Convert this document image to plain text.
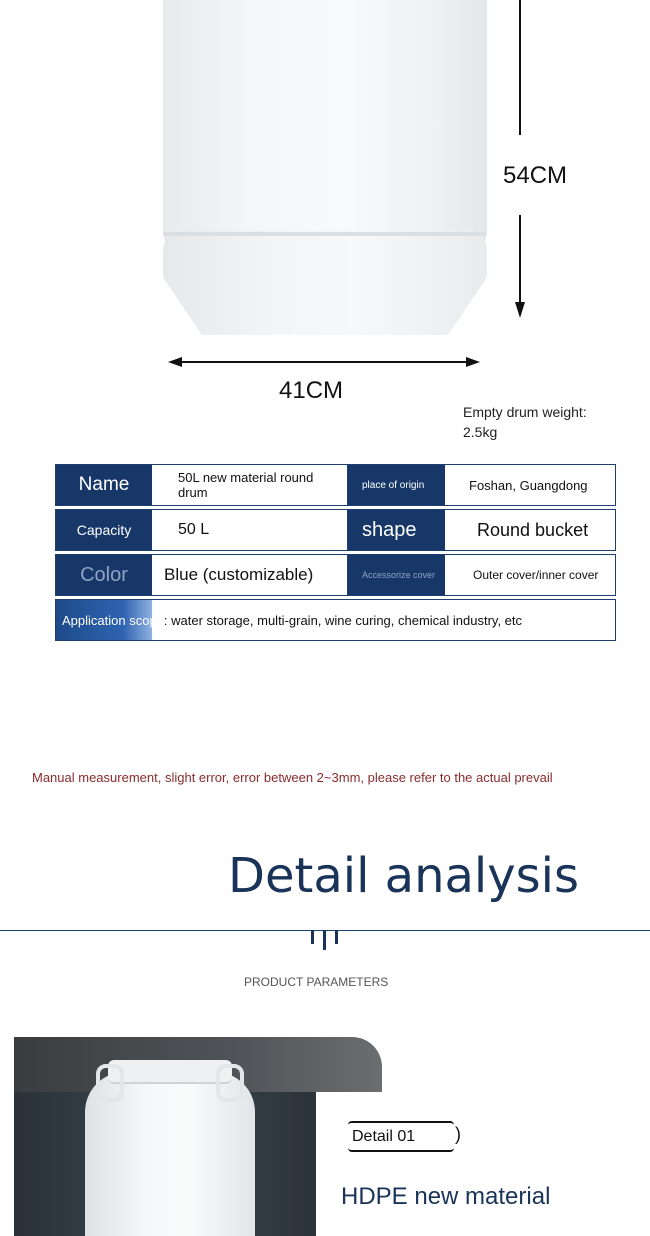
54CM
41CM
Empty drum weight: 2.5kg
Name	50L new material round drum	place of origin	Foshan, Guangdong
Capacity	50 L	shape	Round bucket
Color	Blue (customizable)	Accessorize cover	Outer cover/inner cover
Application scope: water storage, multi-grain, wine curing, chemical industry, etc
Manual measurement, slight error, error between 2~3mm, please refer to the actual prevail
Detail analysis
PRODUCT PARAMETERS
Detail 01	)
HDPE new material
